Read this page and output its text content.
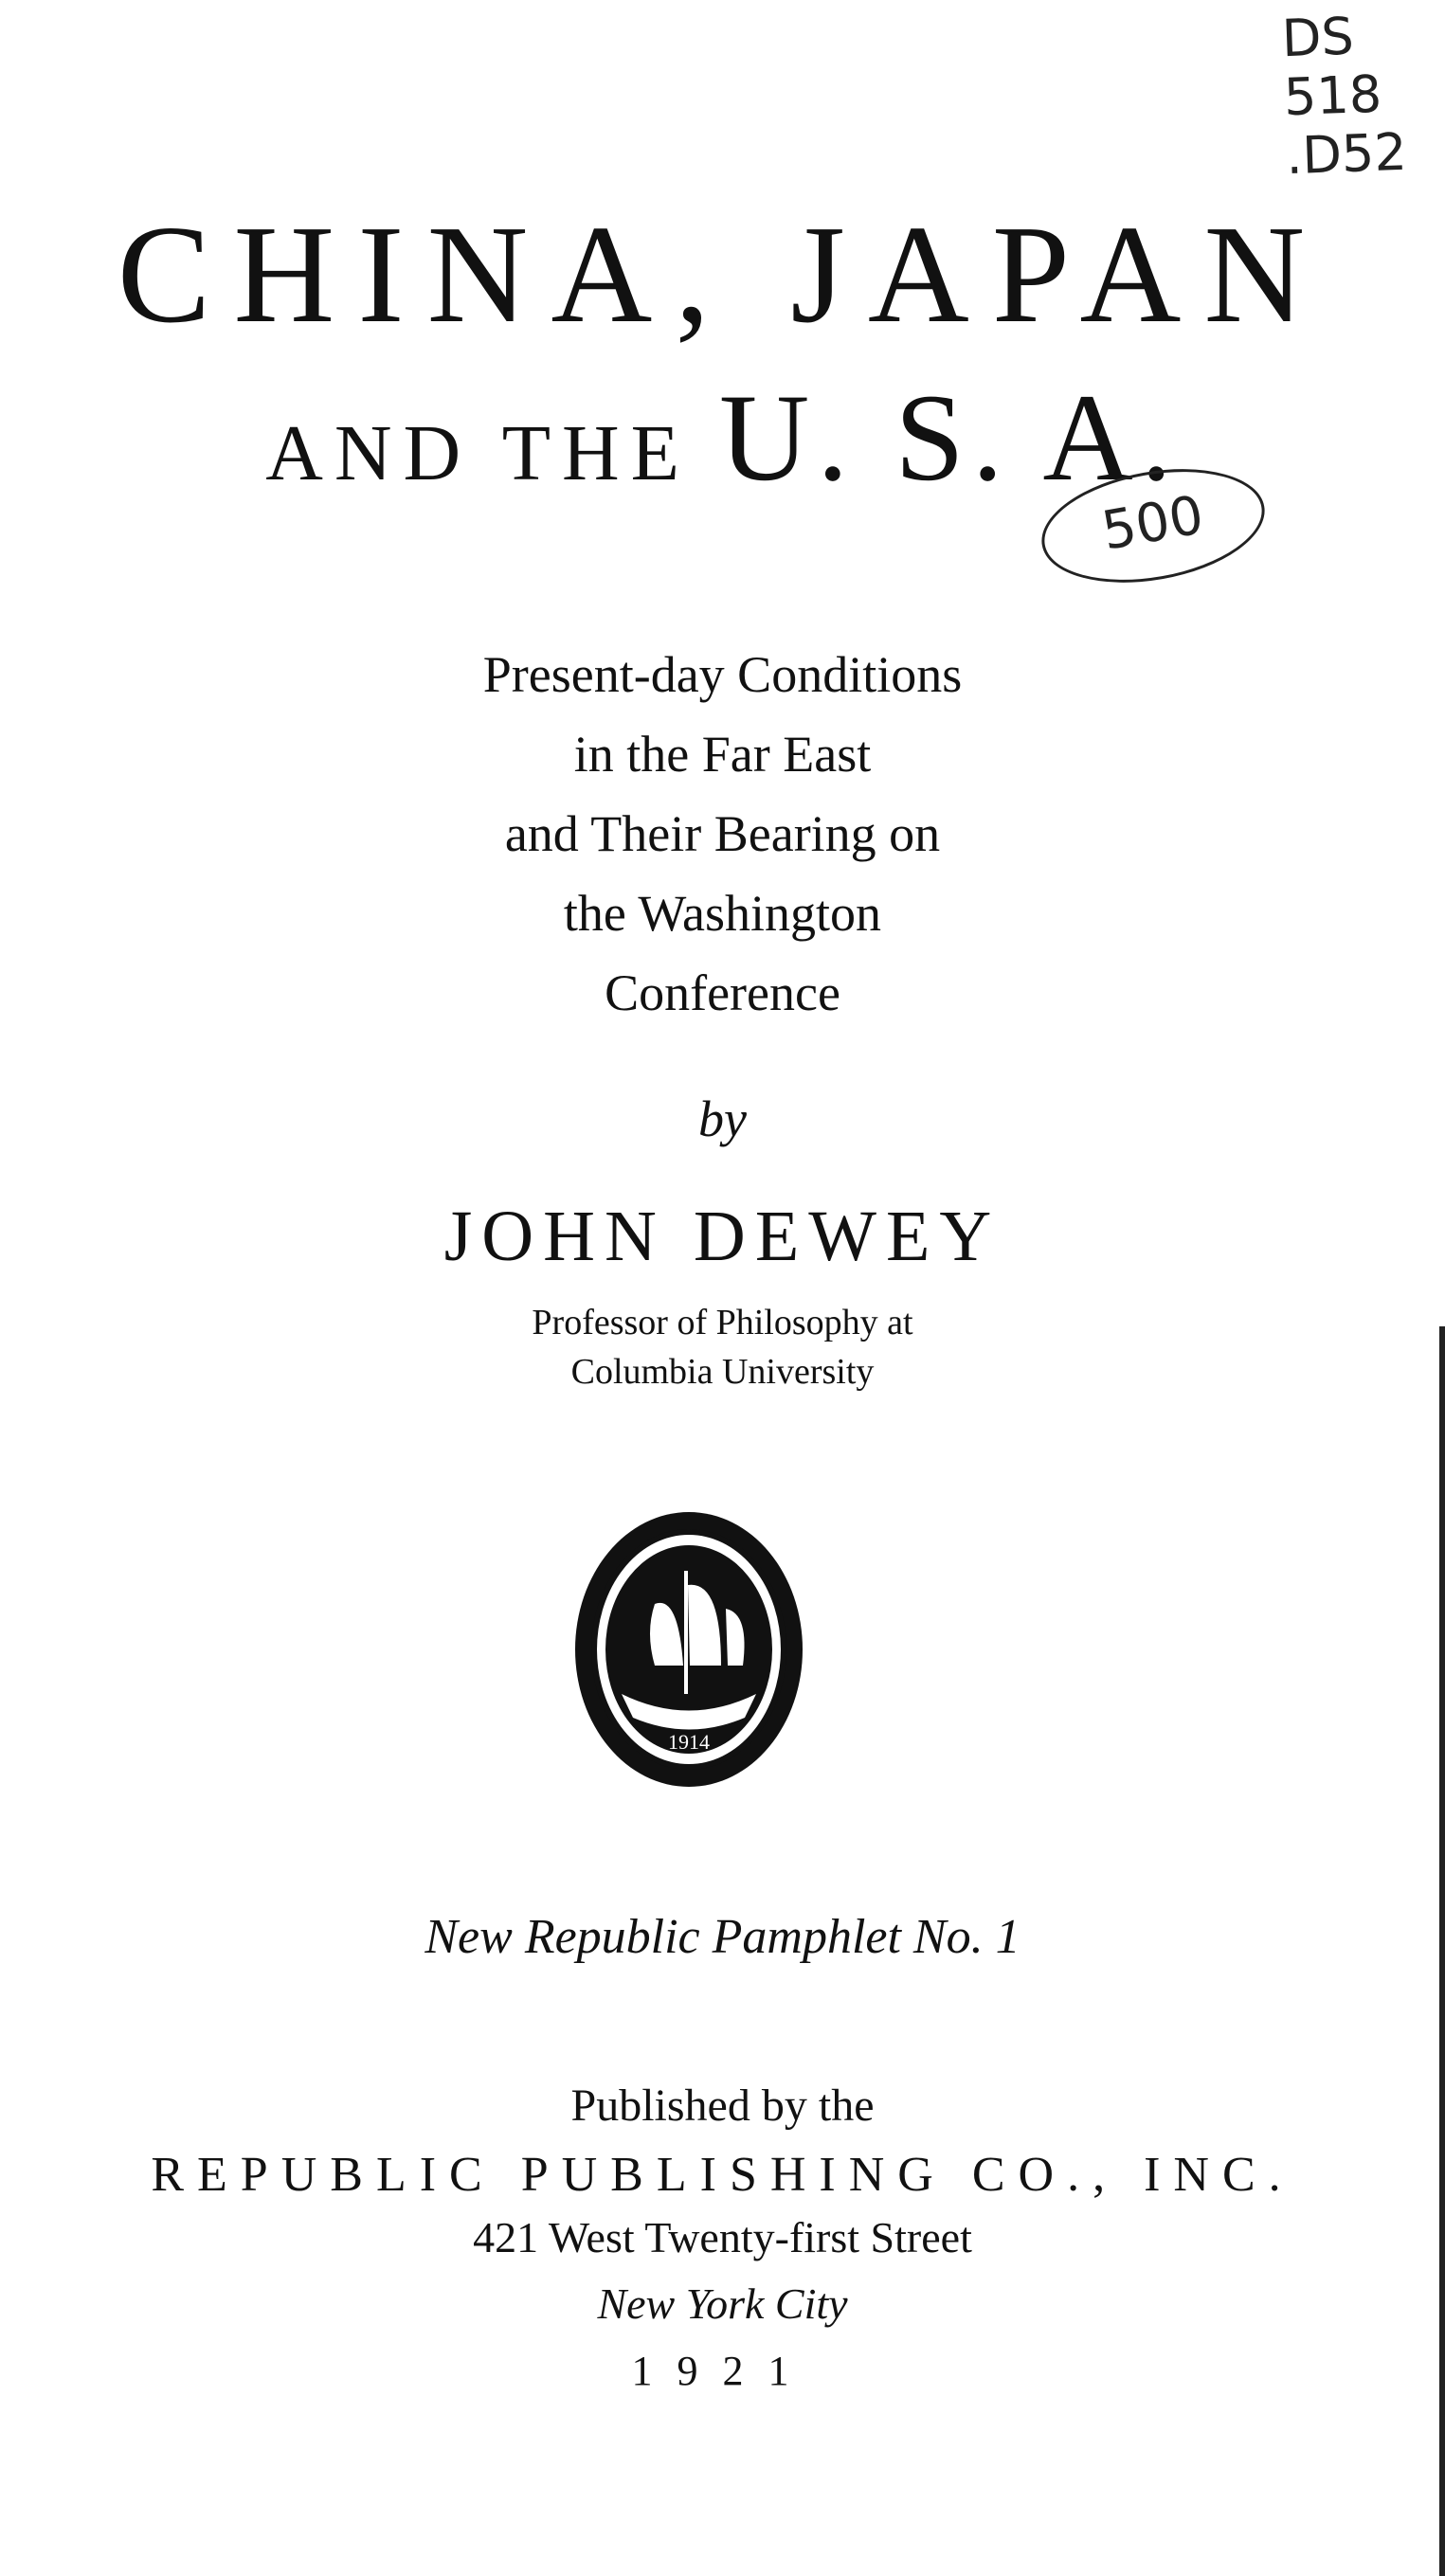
DS
518
.D52
CHINA, JAPAN
AND THE U. S. A.
500
Present-day Conditions
in the Far East
and Their Bearing on
the Washington
Conference
by
JOHN DEWEY
Professor of Philosophy at
Columbia University
1914
New Republic Pamphlet No. 1
Published by the
REPUBLIC PUBLISHING CO., INC.
421 West Twenty-first Street
New York City
1921
